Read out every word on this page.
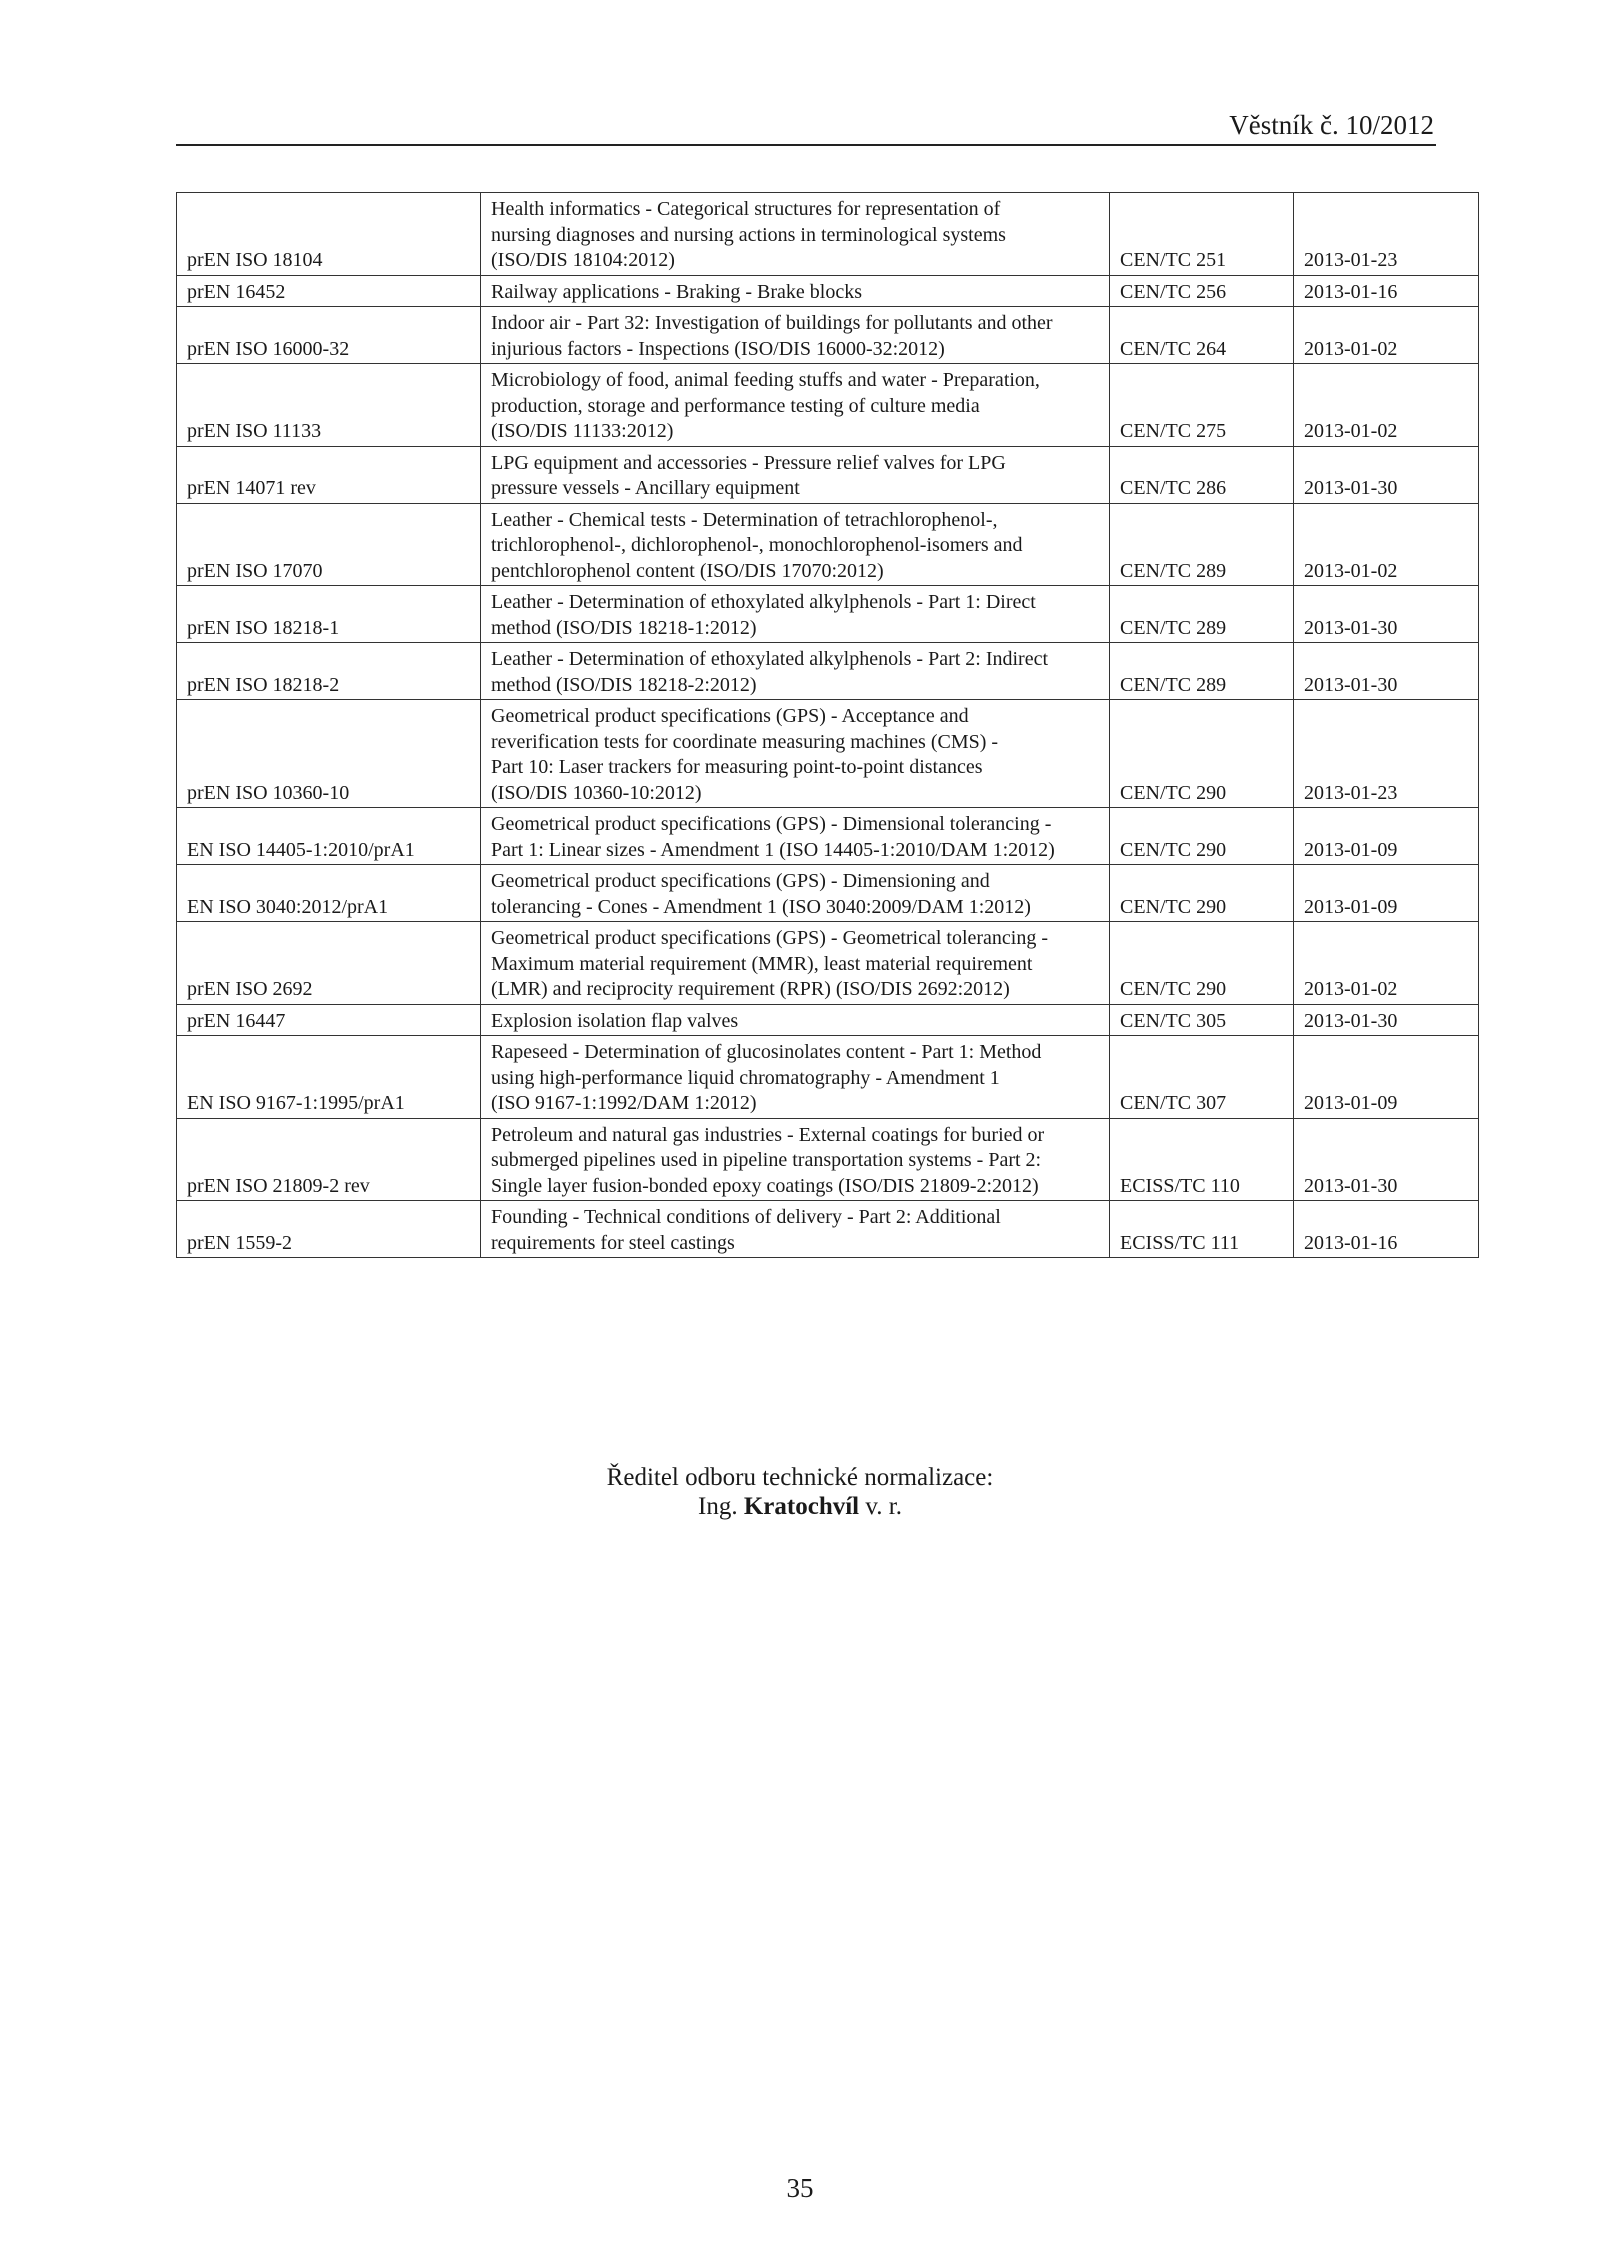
Věstník č. 10/2012
prEN ISO 18104	Health informatics - Categorical structures for representation of
nursing diagnoses and nursing actions in terminological systems
(ISO/DIS 18104:2012)	CEN/TC 251	2013-01-23
prEN 16452	Railway applications - Braking - Brake blocks	CEN/TC 256	2013-01-16
prEN ISO 16000-32	Indoor air - Part 32: Investigation of buildings for pollutants and other
injurious factors - Inspections (ISO/DIS 16000-32:2012)	CEN/TC 264	2013-01-02
prEN ISO 11133	Microbiology of food, animal feeding stuffs and water - Preparation,
production, storage and performance testing of culture media
(ISO/DIS 11133:2012)	CEN/TC 275	2013-01-02
prEN 14071 rev	LPG equipment and accessories - Pressure relief valves for LPG
pressure vessels - Ancillary equipment	CEN/TC 286	2013-01-30
prEN ISO 17070	Leather - Chemical tests - Determination of tetrachlorophenol-,
trichlorophenol-, dichlorophenol-, monochlorophenol-isomers and
pentchlorophenol content (ISO/DIS 17070:2012)	CEN/TC 289	2013-01-02
prEN ISO 18218-1	Leather - Determination of ethoxylated alkylphenols - Part 1: Direct
method (ISO/DIS 18218-1:2012)	CEN/TC 289	2013-01-30
prEN ISO 18218-2	Leather - Determination of ethoxylated alkylphenols - Part 2: Indirect
method (ISO/DIS 18218-2:2012)	CEN/TC 289	2013-01-30
prEN ISO 10360-10	Geometrical product specifications (GPS) - Acceptance and
reverification tests for coordinate measuring machines (CMS) -
Part 10: Laser trackers for measuring point-to-point distances
(ISO/DIS 10360-10:2012)	CEN/TC 290	2013-01-23
EN ISO 14405-1:2010/prA1	Geometrical product specifications (GPS) - Dimensional tolerancing -
Part 1: Linear sizes - Amendment 1 (ISO 14405-1:2010/DAM 1:2012)	CEN/TC 290	2013-01-09
EN ISO 3040:2012/prA1	Geometrical product specifications (GPS) - Dimensioning and
tolerancing - Cones - Amendment 1 (ISO 3040:2009/DAM 1:2012)	CEN/TC 290	2013-01-09
prEN ISO 2692	Geometrical product specifications (GPS) - Geometrical tolerancing -
Maximum material requirement (MMR), least material requirement
(LMR) and reciprocity requirement (RPR) (ISO/DIS 2692:2012)	CEN/TC 290	2013-01-02
prEN 16447	Explosion isolation flap valves	CEN/TC 305	2013-01-30
EN ISO 9167-1:1995/prA1	Rapeseed - Determination of glucosinolates content - Part 1: Method
using high-performance liquid chromatography - Amendment 1
(ISO 9167-1:1992/DAM 1:2012)	CEN/TC 307	2013-01-09
prEN ISO 21809-2 rev	Petroleum and natural gas industries - External coatings for buried or
submerged pipelines used in pipeline transportation systems - Part 2:
Single layer fusion-bonded epoxy coatings (ISO/DIS 21809-2:2012)	ECISS/TC 110	2013-01-30
prEN 1559-2	Founding - Technical conditions of delivery - Part 2: Additional
requirements for steel castings	ECISS/TC 111	2013-01-16
Ředitel odboru technické normalizace:
Ing. Kratochvíl v. r.
35
